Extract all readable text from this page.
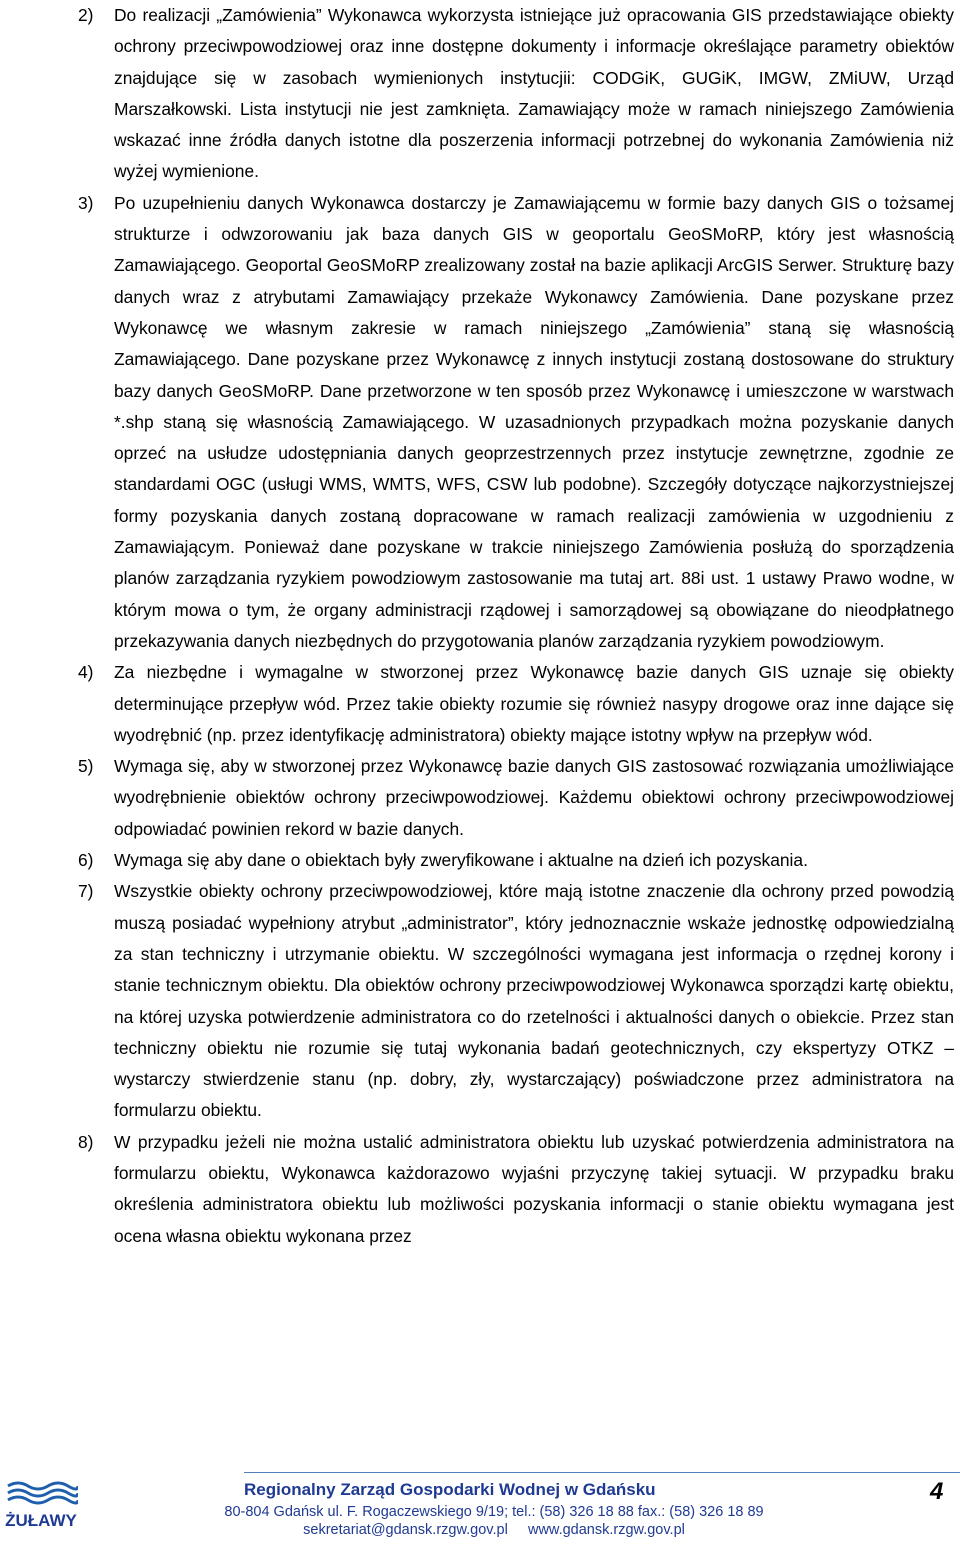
2)	Do realizacji „Zamówienia” Wykonawca wykorzysta istniejące już opracowania GIS przedstawiające obiekty ochrony przeciwpowodziowej oraz inne dostępne dokumenty i informacje określające parametry obiektów znajdujące się w zasobach wymienionych instytucjii: CODGiK, GUGiK, IMGW, ZMiUW, Urząd Marszałkowski. Lista instytucji nie jest zamknięta. Zamawiający może w ramach niniejszego Zamówienia wskazać inne źródła danych istotne dla poszerzenia informacji potrzebnej do wykonania Zamówienia niż wyżej wymienione.
3)	Po uzupełnieniu danych Wykonawca dostarczy je Zamawiającemu w formie bazy danych GIS o tożsamej strukturze i odwzorowaniu jak baza danych GIS w geoportalu GeoSMoRP, który jest własnością Zamawiającego. Geoportal GeoSMoRP zrealizowany został na bazie aplikacji ArcGIS Serwer. Strukturę bazy danych wraz z atrybutami Zamawiający przekaże Wykonawcy Zamówienia. Dane pozyskane przez Wykonawcę we własnym zakresie w ramach niniejszego „Zamówienia” staną się własnością Zamawiającego. Dane pozyskane przez Wykonawcę z innych instytucji zostaną dostosowane do struktury bazy danych GeoSMoRP. Dane przetworzone w ten sposób przez Wykonawcę i umieszczone w warstwach *.shp staną się własnością Zamawiającego. W uzasadnionych przypadkach można pozyskanie danych oprzeć na usłudze udostępniania danych geoprzestrzennych przez instytucje zewnętrzne, zgodnie ze standardami OGC (usługi WMS, WMTS, WFS, CSW lub podobne). Szczegóły dotyczące najkorzystniejszej formy pozyskania danych zostaną dopracowane w ramach realizacji zamówienia w uzgodnieniu z Zamawiającym. Ponieważ dane pozyskane w trakcie niniejszego Zamówienia posłużą do sporządzenia planów zarządzania ryzykiem powodziowym zastosowanie ma tutaj art. 88i ust. 1 ustawy Prawo wodne, w którym mowa o tym, że organy administracji rządowej i samorządowej są obowiązane do nieodpłatnego przekazywania danych niezbędnych do przygotowania planów zarządzania ryzykiem powodziowym.
4)	Za niezbędne i wymagalne w stworzonej przez Wykonawcę bazie danych GIS uznaje się obiekty determinujące przepływ wód. Przez takie obiekty rozumie się również nasypy drogowe oraz inne dające się wyodrębnić (np. przez identyfikację administratora) obiekty mające istotny wpływ na przepływ wód.
5)	Wymaga się, aby w stworzonej przez Wykonawcę bazie danych GIS zastosować rozwiązania umożliwiające wyodrębnienie obiektów ochrony przeciwpowodziowej. Każdemu obiektowi ochrony przeciwpowodziowej odpowiadać powinien rekord w bazie danych.
6)	Wymaga się aby dane o obiektach były zweryfikowane i aktualne na dzień ich pozyskania.
7)	Wszystkie obiekty ochrony przeciwpowodziowej, które mają istotne znaczenie dla ochrony przed powodzią muszą posiadać wypełniony atrybut „administrator”, który jednoznacznie wskaże jednostkę odpowiedzialną za stan techniczny i utrzymanie obiektu. W szczególności wymagana jest informacja o rzędnej korony i stanie technicznym obiektu. Dla obiektów ochrony przeciwpowodziowej Wykonawca sporządzi kartę obiektu, na której uzyska potwierdzenie administratora co do rzetelności i aktualności danych o obiekcie. Przez stan techniczny obiektu nie rozumie się tutaj wykonania badań geotechnicznych, czy ekspertyzy OTKZ – wystarczy stwierdzenie stanu (np. dobry, zły, wystarczający) poświadczone przez administratora na formularzu obiektu.
8)	W przypadku jeżeli nie można ustalić administratora obiektu lub uzyskać potwierdzenia administratora na formularzu obiektu, Wykonawca każdorazowo wyjaśni przyczynę takiej sytuacji. W przypadku braku określenia administratora obiektu lub możliwości pozyskania informacji o stanie obiektu wymagana jest ocena własna obiektu wykonana przez
ŻUŁAWY
Regionalny Zarząd Gospodarki Wodnej w Gdańsku
80-804 Gdańsk ul. F. Rogaczewskiego 9/19; tel.: (58) 326 18 88 fax.: (58) 326 18 89
sekretariat@gdansk.rzgw.gov.pl www.gdansk.rzgw.gov.pl
4
